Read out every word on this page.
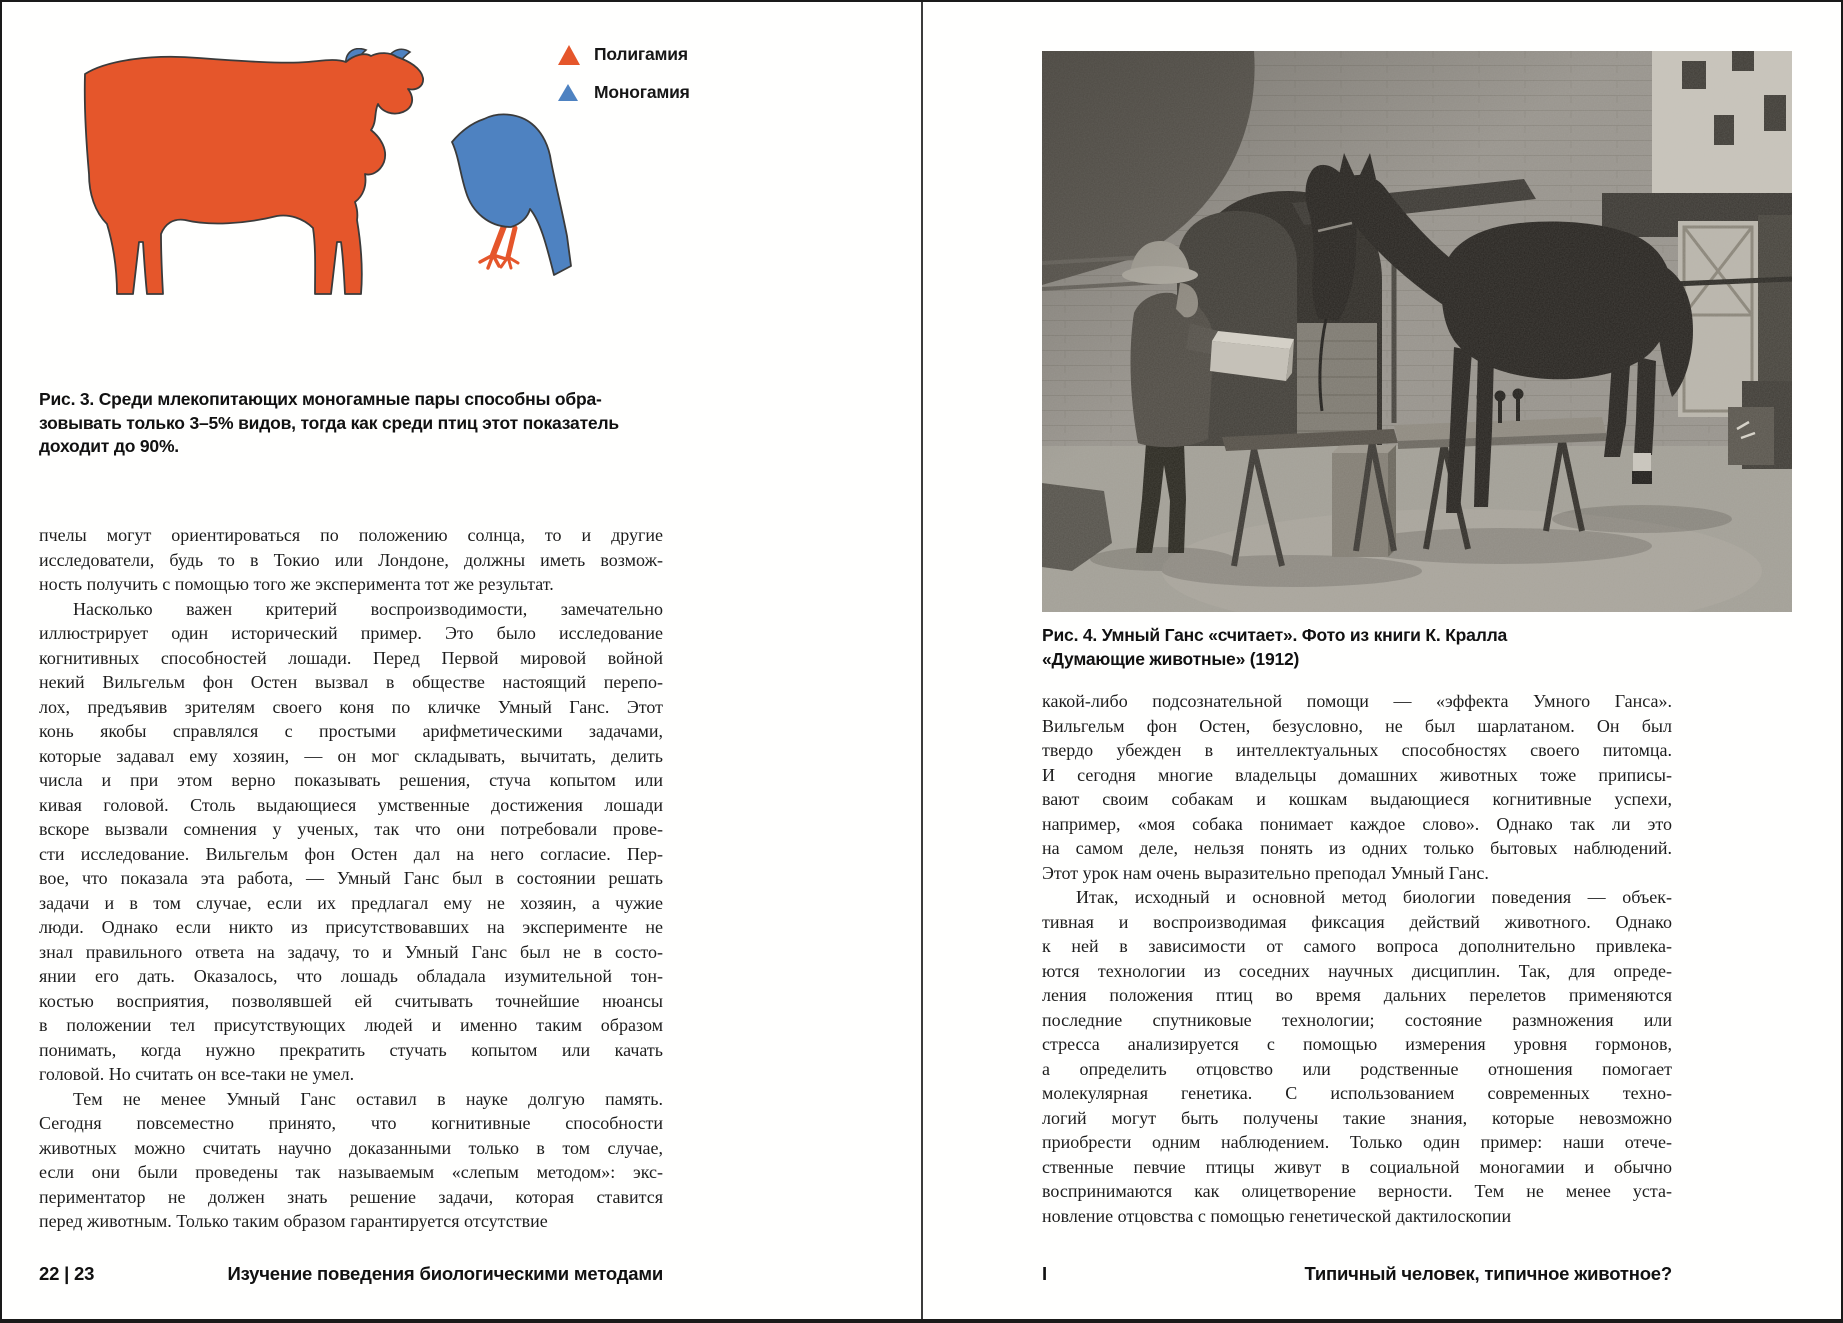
Полигамия
Моногамия
Рис. 3. Среди млекопитающих моногамные пары способны обра-
зовывать только 3–5% видов, тогда как среди птиц этот показатель
доходит до 90%.
пчелы могут ориентироваться по положению солнца, то и другие
исследователи, будь то в Токио или Лондоне, должны иметь возмож-
ность получить с помощью того же эксперимента тот же результат.
Насколько важен критерий воспроизводимости, замечательно
иллюстрирует один исторический пример. Это было исследование
когнитивных способностей лошади. Перед Первой мировой войной
некий Вильгельм фон Остен вызвал в обществе настоящий перепо-
лох, предъявив зрителям своего коня по кличке Умный Ганс. Этот
конь якобы справлялся с простыми арифметическими задачами,
которые задавал ему хозяин, — он мог складывать, вычитать, делить
числа и при этом верно показывать решения, стуча копытом или
кивая головой. Столь выдающиеся умственные достижения лошади
вскоре вызвали сомнения у ученых, так что они потребовали прове-
сти исследование. Вильгельм фон Остен дал на него согласие. Пер-
вое, что показала эта работа, — Умный Ганс был в состоянии решать
задачи и в том случае, если их предлагал ему не хозяин, а чужие
люди. Однако если никто из присутствовавших на эксперименте не
знал правильного ответа на задачу, то и Умный Ганс был не в состо-
янии его дать. Оказалось, что лошадь обладала изумительной тон-
костью восприятия, позволявшей ей считывать точнейшие нюансы
в положении тел присутствующих людей и именно таким образом
понимать, когда нужно прекратить стучать копытом или качать
головой. Но считать он все-таки не умел.
Тем не менее Умный Ганс оставил в науке долгую память.
Сегодня повсеместно принято, что когнитивные способности
животных можно считать научно доказанными только в том случае,
если они были проведены так называемым «слепым методом»: экс-
периментатор не должен знать решение задачи, которая ставится
перед животным. Только таким образом гарантируется отсутствие
22 | 23	Изучение поведения биологическими методами
Рис. 4. Умный Ганс «считает». Фото из книги К. Кралла
«Думающие животные» (1912)
какой-либо подсознательной помощи — «эффекта Умного Ганса».
Вильгельм фон Остен, безусловно, не был шарлатаном. Он был
твердо убежден в интеллектуальных способностях своего питомца.
И сегодня многие владельцы домашних животных тоже приписы-
вают своим собакам и кошкам выдающиеся когнитивные успехи,
например, «моя собака понимает каждое слово». Однако так ли это
на самом деле, нельзя понять из одних только бытовых наблюдений.
Этот урок нам очень выразительно преподал Умный Ганс.
Итак, исходный и основной метод биологии поведения — объек-
тивная и воспроизводимая фиксация действий животного. Однако
к ней в зависимости от самого вопроса дополнительно привлека-
ются технологии из соседних научных дисциплин. Так, для опреде-
ления положения птиц во время дальних перелетов применяются
последние спутниковые технологии; состояние размножения или
стресса анализируется с помощью измерения уровня гормонов,
а определить отцовство или родственные отношения помогает
молекулярная генетика. С использованием современных техно-
логий могут быть получены такие знания, которые невозможно
приобрести одним наблюдением. Только один пример: наши отече-
ственные певчие птицы живут в социальной моногамии и обычно
воспринимаются как олицетворение верности. Тем не менее уста-
новление отцовства с помощью генетической дактилоскопии
I	Типичный человек, типичное животное?
